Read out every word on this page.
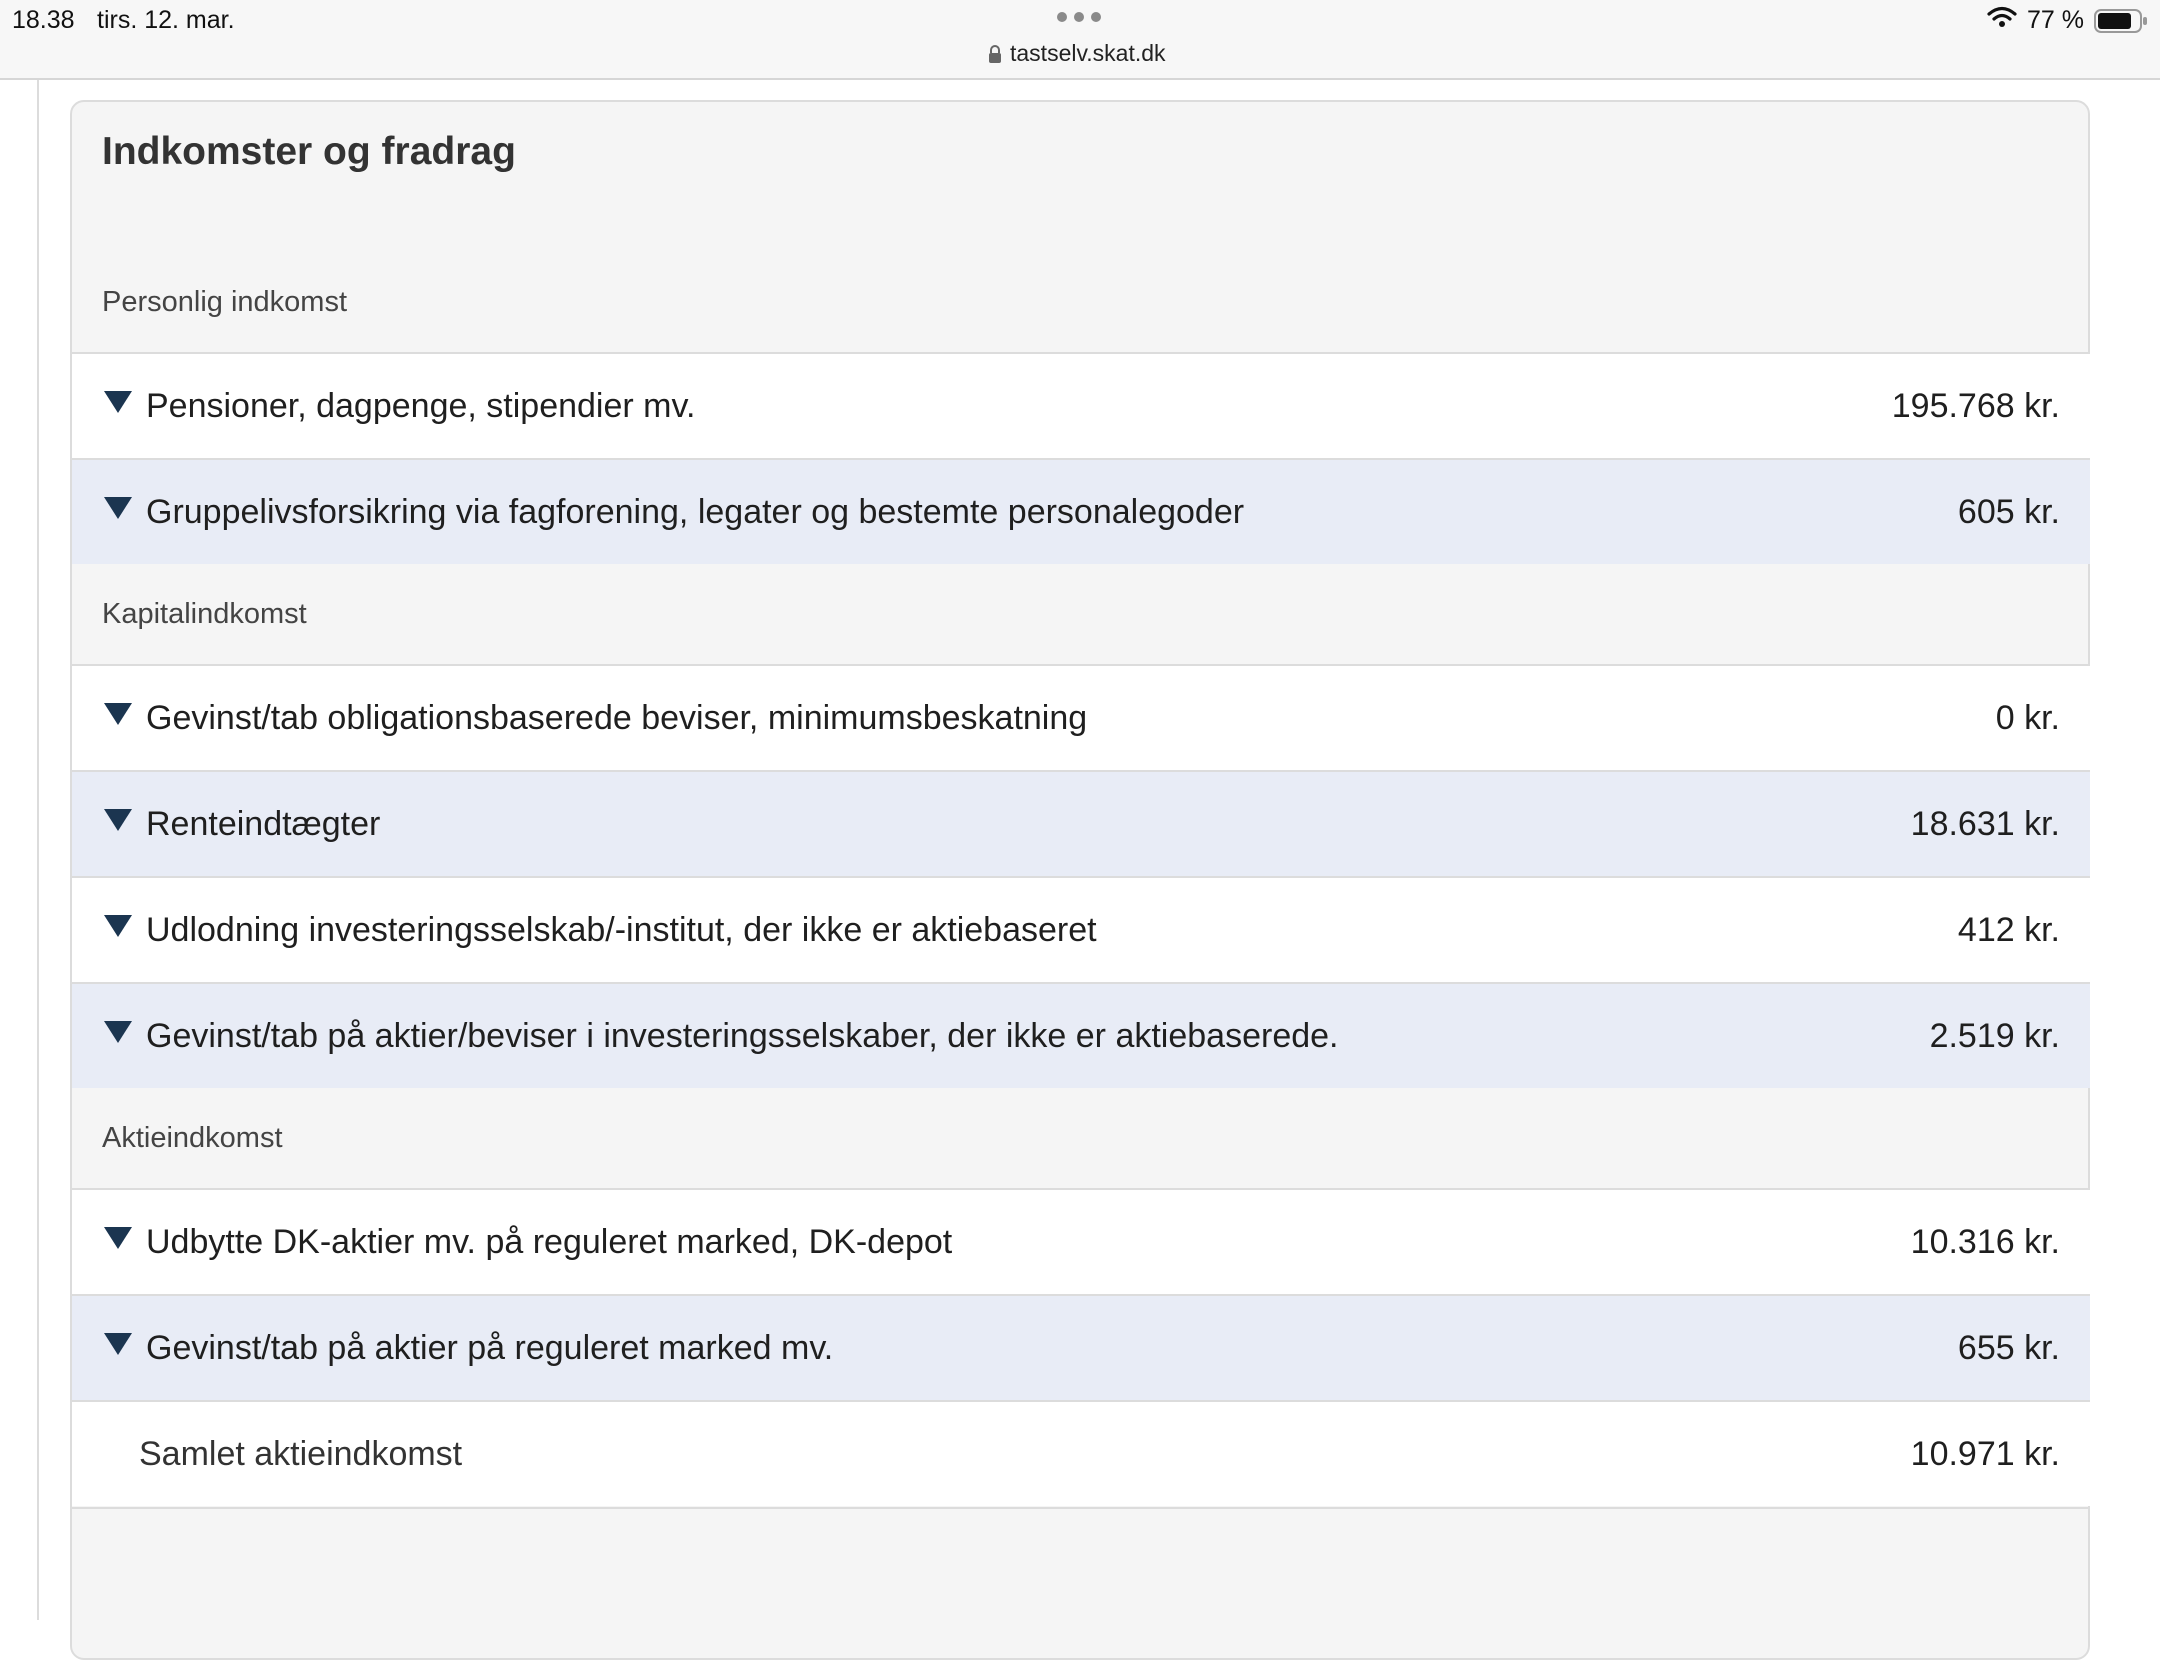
18.38 tirs. 12. mar.
tastselv.skat.dk
77 %
Indkomster og fradrag
Personlig indkomst
Pensioner, dagpenge, stipendier mv.	195.768 kr.
Gruppelivsforsikring via fagforening, legater og bestemte personalegoder	605 kr.
Kapitalindkomst
Gevinst/tab obligationsbaserede beviser, minimumsbeskatning	0 kr.
Renteindtægter	18.631 kr.
Udlodning investeringsselskab/-institut, der ikke er aktiebaseret	412 kr.
Gevinst/tab på aktier/beviser i investeringsselskaber, der ikke er aktiebaserede.	2.519 kr.
Aktieindkomst
Udbytte DK-aktier mv. på reguleret marked, DK-depot	10.316 kr.
Gevinst/tab på aktier på reguleret marked mv.	655 kr.
Samlet aktieindkomst	10.971 kr.
